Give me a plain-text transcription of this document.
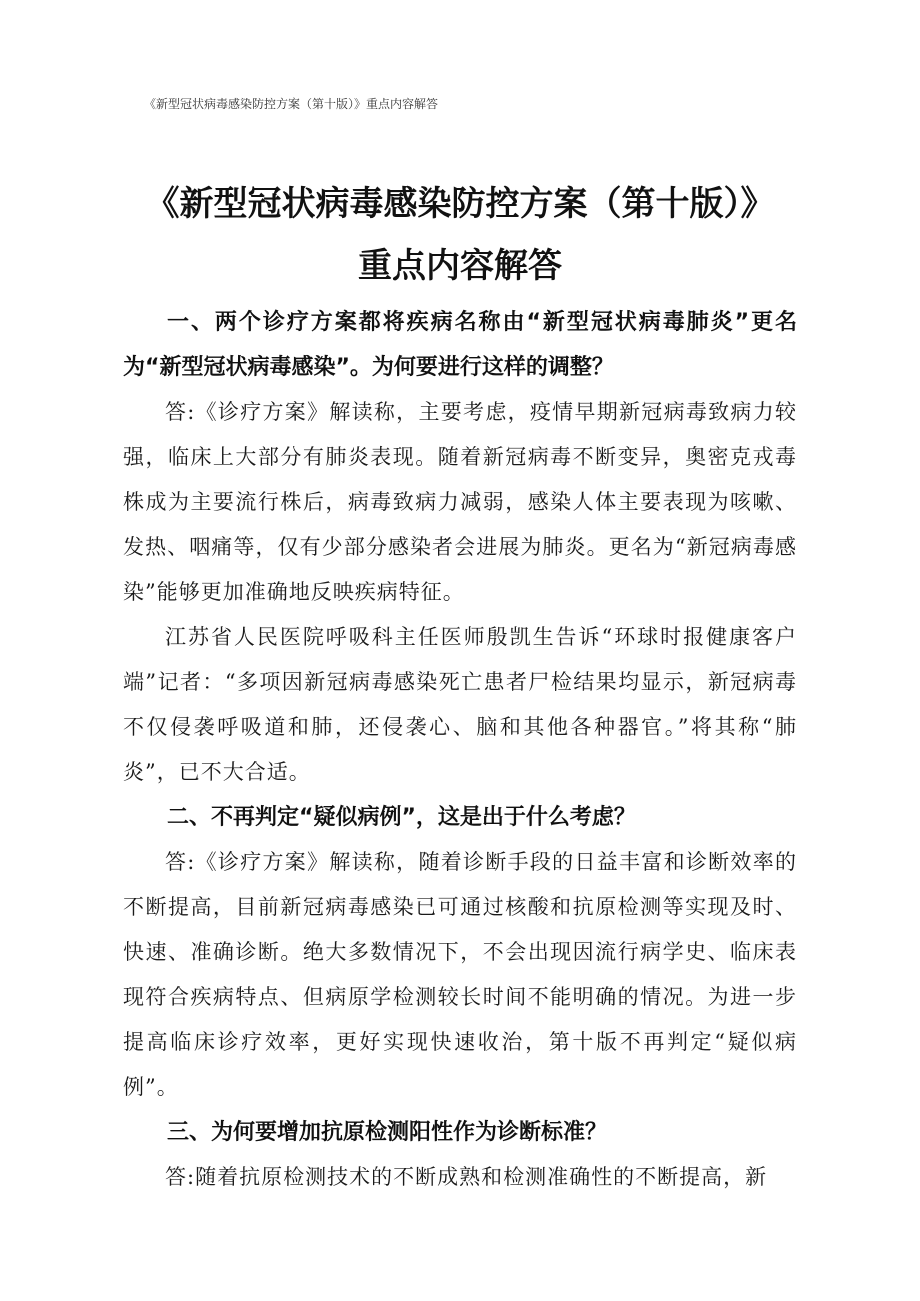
《新型冠状病毒感染防控方案（第十版）》重点内容解答
《新型冠状病毒感染防控方案（第十版）》
重点内容解答

一、两个诊疗方案都将疾病名称由“新型冠状病毒肺炎”更名为“新型冠状病毒感染”。为何要进行这样的调整？

答:《诊疗方案》解读称，主要考虑，疫情早期新冠病毒致病力较强，临床上大部分有肺炎表现。随着新冠病毒不断变异，奥密克戎毒株成为主要流行株后，病毒致病力减弱，感染人体主要表现为咳嗽、发热、咽痛等，仅有少部分感染者会进展为肺炎。更名为“新冠病毒感染”能够更加准确地反映疾病特征。

江苏省人民医院呼吸科主任医师殷凯生告诉“环球时报健康客户端”记者：“多项因新冠病毒感染死亡患者尸检结果均显示，新冠病毒不仅侵袭呼吸道和肺，还侵袭心、脑和其他各种器官。”将其称“肺炎”，已不大合适。

二、不再判定“疑似病例”，这是出于什么考虑？

答:《诊疗方案》解读称，随着诊断手段的日益丰富和诊断效率的不断提高，目前新冠病毒感染已可通过核酸和抗原检测等实现及时、快速、准确诊断。绝大多数情况下，不会出现因流行病学史、临床表现符合疾病特点、但病原学检测较长时间不能明确的情况。为进一步提高临床诊疗效率，更好实现快速收治，第十版不再判定“疑似病例”。

三、为何要增加抗原检测阳性作为诊断标准？

答:随着抗原检测技术的不断成熟和检测准确性的不断提高，新
